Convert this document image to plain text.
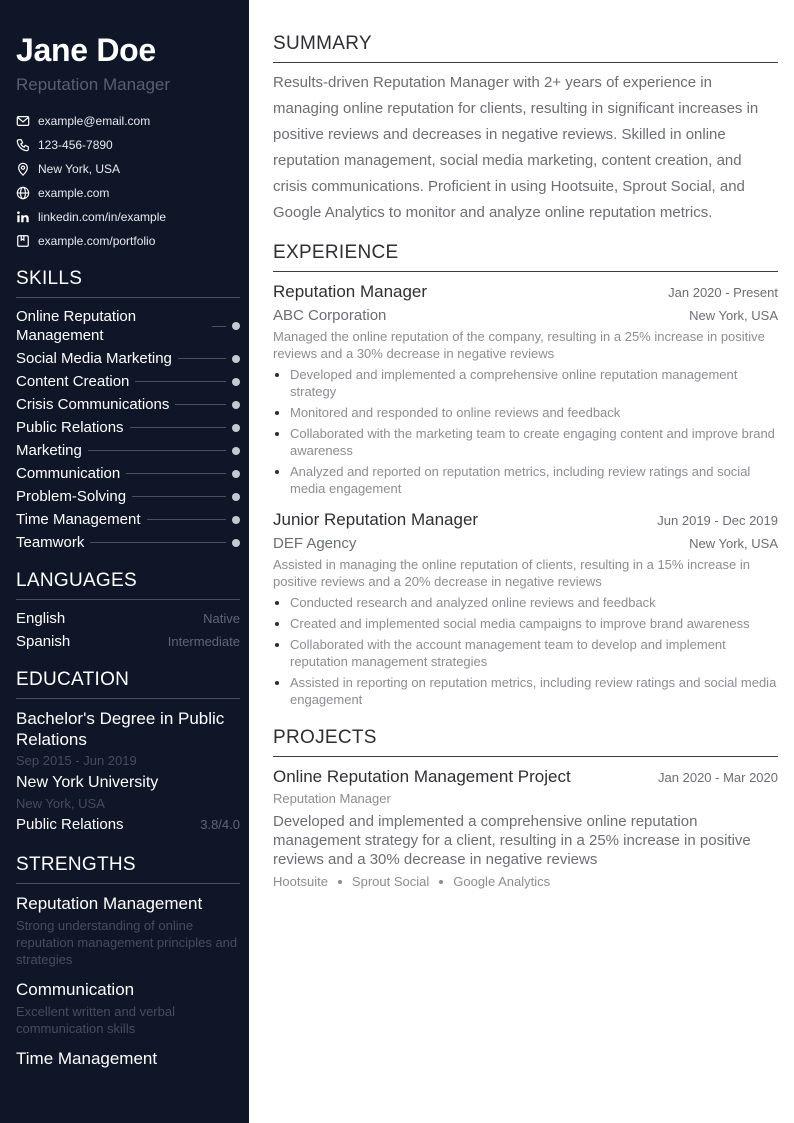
Jane Doe
Reputation Manager
example@email.com
123-456-7890
New York, USA
example.com
linkedin.com/in/example
example.com/portfolio
SKILLS
Online Reputation Management
Social Media Marketing
Content Creation
Crisis Communications
Public Relations
Marketing
Communication
Problem-Solving
Time Management
Teamwork
LANGUAGES
English	Native
Spanish	Intermediate
EDUCATION
Bachelor's Degree in Public Relations
Sep 2015 - Jun 2019
New York University
New York, USA
Public Relations	3.8/4.0
STRENGTHS
Reputation Management
Strong understanding of online reputation management principles and strategies
Communication
Excellent written and verbal communication skills
Time Management
SUMMARY

Results-driven Reputation Manager with 2+ years of experience in managing online reputation for clients, resulting in significant increases in positive reviews and decreases in negative reviews. Skilled in online reputation management, social media marketing, content creation, and crisis communications. Proficient in using Hootsuite, Sprout Social, and Google Analytics to monitor and analyze online reputation metrics.

EXPERIENCE
Reputation Manager	Jan 2020 - Present
ABC Corporation	New York, USA
Managed the online reputation of the company, resulting in a 25% increase in positive reviews and a 30% decrease in negative reviews
Developed and implemented a comprehensive online reputation management strategy
Monitored and responded to online reviews and feedback
Collaborated with the marketing team to create engaging content and improve brand awareness
Analyzed and reported on reputation metrics, including review ratings and social media engagement
Junior Reputation Manager	Jun 2019 - Dec 2019
DEF Agency	New York, USA
Assisted in managing the online reputation of clients, resulting in a 15% increase in positive reviews and a 20% decrease in negative reviews
Conducted research and analyzed online reviews and feedback
Created and implemented social media campaigns to improve brand awareness
Collaborated with the account management team to develop and implement reputation management strategies
Assisted in reporting on reputation metrics, including review ratings and social media engagement
PROJECTS
Online Reputation Management Project	Jan 2020 - Mar 2020
Reputation Manager
Developed and implemented a comprehensive online reputation management strategy for a client, resulting in a 25% increase in positive reviews and a 30% decrease in negative reviews
Hootsuite Sprout Social Google Analytics
